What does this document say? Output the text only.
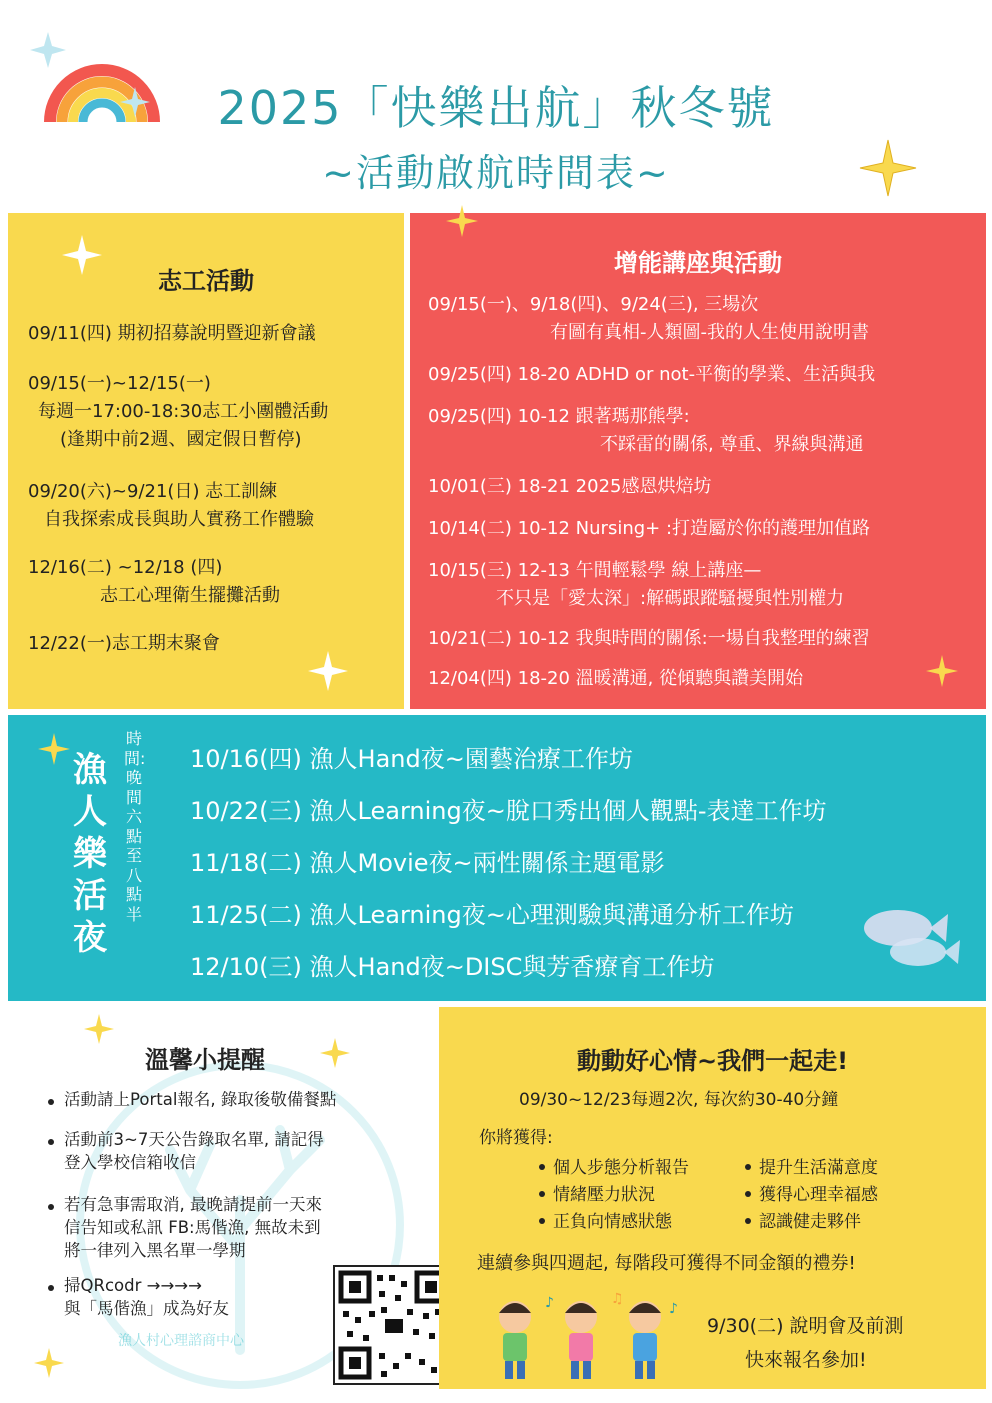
2025「快樂出航」秋冬號
~活動啟航時間表~
志工活動
09/11(四) 期初招募說明暨迎新會議
09/15(一)~12/15(一)
每週一17:00-18:30志工小團體活動
(逢期中前2週、國定假日暫停)
09/20(六)~9/21(日) 志工訓練
自我探索成長與助人實務工作體驗
12/16(二) ~12/18 (四)
志工心理衛生擺攤活動
12/22(一)志工期末聚會
增能講座與活動
09/15(一)、9/18(四)、9/24(三), 三場次
有圖有真相-人類圖-我的人生使用說明書
09/25(四) 18-20 ADHD or not-平衡的學業、生活與我
09/25(四) 10-12 跟著瑪那熊學:
不踩雷的關係, 尊重、界線與溝通
10/01(三) 18-21 2025感恩烘焙坊
10/14(二) 10-12 Nursing+ :打造屬於你的護理加值路
10/15(三) 12-13 午間輕鬆學 線上講座—
不只是「愛太深」:解碼跟蹤騷擾與性別權力
10/21(二) 10-12 我與時間的關係:一場自我整理的練習
12/04(四) 18-20 溫暖溝通, 從傾聽與讚美開始
漁人樂活夜
時間:晚間六點至八點半
10/16(四) 漁人Hand夜~園藝治療工作坊
10/22(三) 漁人Learning夜~脫口秀出個人觀點-表達工作坊
11/18(二) 漁人Movie夜~兩性關係主題電影
11/25(二) 漁人Learning夜~心理測驗與溝通分析工作坊
12/10(三) 漁人Hand夜~DISC與芳香療育工作坊
漁人村心理諮商中心
溫馨小提醒
活動請上Portal報名, 錄取後敬備餐點
活動前3~7天公告錄取名單, 請記得
登入學校信箱收信
若有急事需取消, 最晚請提前一天來
信告知或私訊 FB:馬偕漁, 無故未到
將一律列入黑名單一學期
掃QRcodr →→→→
與「馬偕漁」成為好友
動動好心情~我們一起走!
09/30~12/23每週2次, 每次約30-40分鐘
你將獲得:
個人步態分析報告
情緒壓力狀況
正負向情感狀態
提升生活滿意度
獲得心理幸福感
認識健走夥伴
連續參與四週起, 每階段可獲得不同金額的禮券!
♪	♫
♪
9/30(二) 說明會及前測
快來報名參加!
